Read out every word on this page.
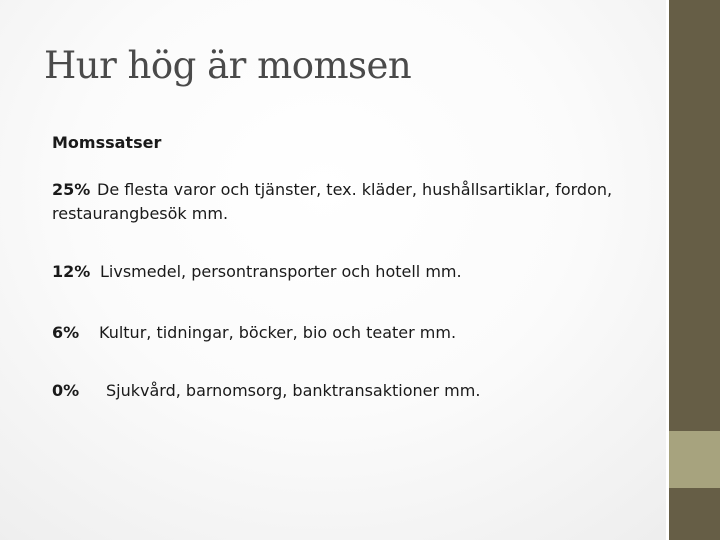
Hur hög är momsen

Momssatser

25% De flesta varor och tjänster, tex. kläder, hushållsartiklar, fordon, restaurangbesök mm.

12% Livsmedel, persontransporter och hotell mm.

6% Kultur, tidningar, böcker, bio och teater mm.

0% Sjukvård, barnomsorg, banktransaktioner mm.
